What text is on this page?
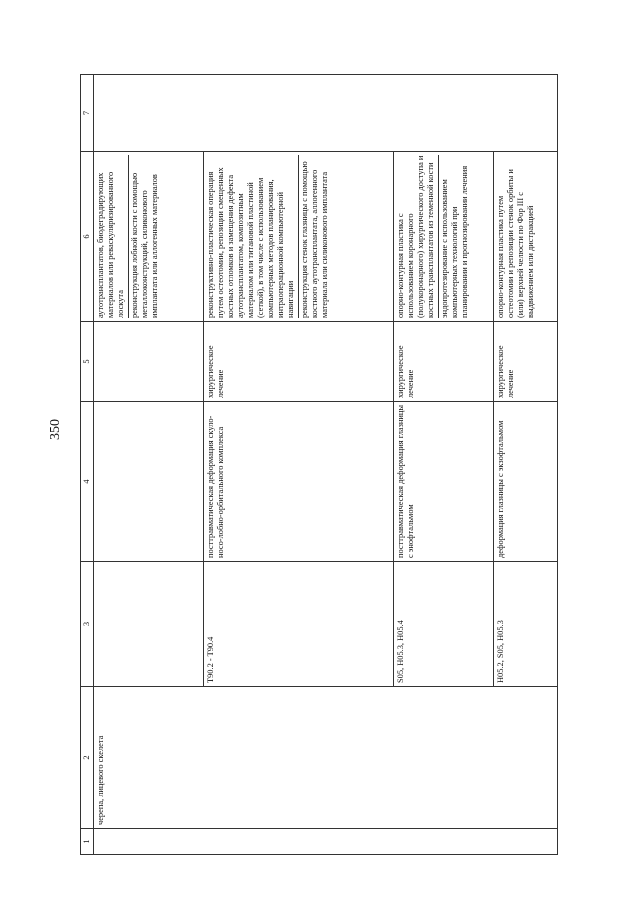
350
1	2	3	4	5	6	7
	черепа, лицевого скелета				аутотрансплантатов, биодеградирующих материалов или реваскуляризированного лоскута реконструкция лобной кости с помощью металлоконструкций, силиконового имплантата или аллогенных материалов	

		T90.2 - T90.4	посттравматическая деформация скуло-носо-лобно-орбитального комплекса	хирургическое лечение	реконструктивно-пластическая операция путем остеотомии, репозиции смещенных костных отломков и замещения дефекта аутотрансплантатом, композитным материалом или титановой пластиной (сеткой), в том числе с использованием компьютерных методов планирования, интраоперационной компьютерной навигации реконструкция стенок глазницы с помощью костного аутотрансплантата, аллогенного материала или силиконового имплантата	

		S05, H05.3, H05.4	посттравматическая деформация глазницы с энофтальмом	хирургическое лечение	опорно-контурная пластика с использованием коронарного (полукоронарного) хирургического доступа и костных трансплантатов из теменной кости эндопротезирование с использованием компьютерных технологий при планировании и прогнозировании лечения	

		H05.2, S05, H05.3	деформация глазницы с экзофтальмом	хирургическое лечение	опорно-контурная пластика путем остеотомии и репозиции стенок орбиты и (или) верхней челюсти по Фор III с выдвижением или дистракцией	
